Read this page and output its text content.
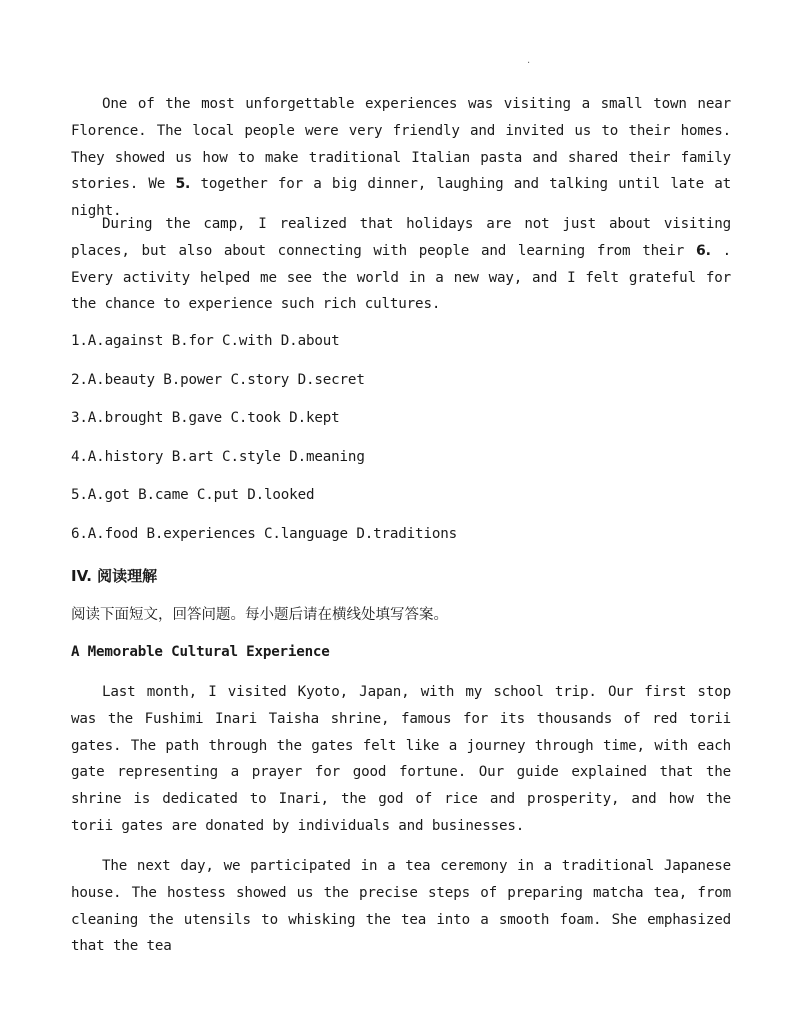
·

One of the most unforgettable experiences was visiting a small town near Florence. The local people were very friendly and invited us to their homes. They showed us how to make traditional Italian pasta and shared their family stories. We 5. together for a big dinner, laughing and talking until late at night.

During the camp, I realized that holidays are not just about visiting places, but also about connecting with people and learning from their 6. . Every activity helped me see the world in a new way, and I felt grateful for the chance to experience such rich cultures.

1.A.against B.for C.with D.about

2.A.beauty B.power C.story D.secret

3.A.brought B.gave C.took D.kept

4.A.history B.art C.style D.meaning

5.A.got B.came C.put D.looked

6.A.food B.experiences C.language D.traditions

IV. 阅读理解

阅读下面短文，回答问题。每小题后请在横线处填写答案。

A Memorable Cultural Experience

Last month, I visited Kyoto, Japan, with my school trip. Our first stop was the Fushimi Inari Taisha shrine, famous for its thousands of red torii gates. The path through the gates felt like a journey through time, with each gate representing a prayer for good fortune. Our guide explained that the shrine is dedicated to Inari, the god of rice and prosperity, and how the torii gates are donated by individuals and businesses.

The next day, we participated in a tea ceremony in a traditional Japanese house. The hostess showed us the precise steps of preparing matcha tea, from cleaning the utensils to whisking the tea into a smooth foam. She emphasized that the tea
